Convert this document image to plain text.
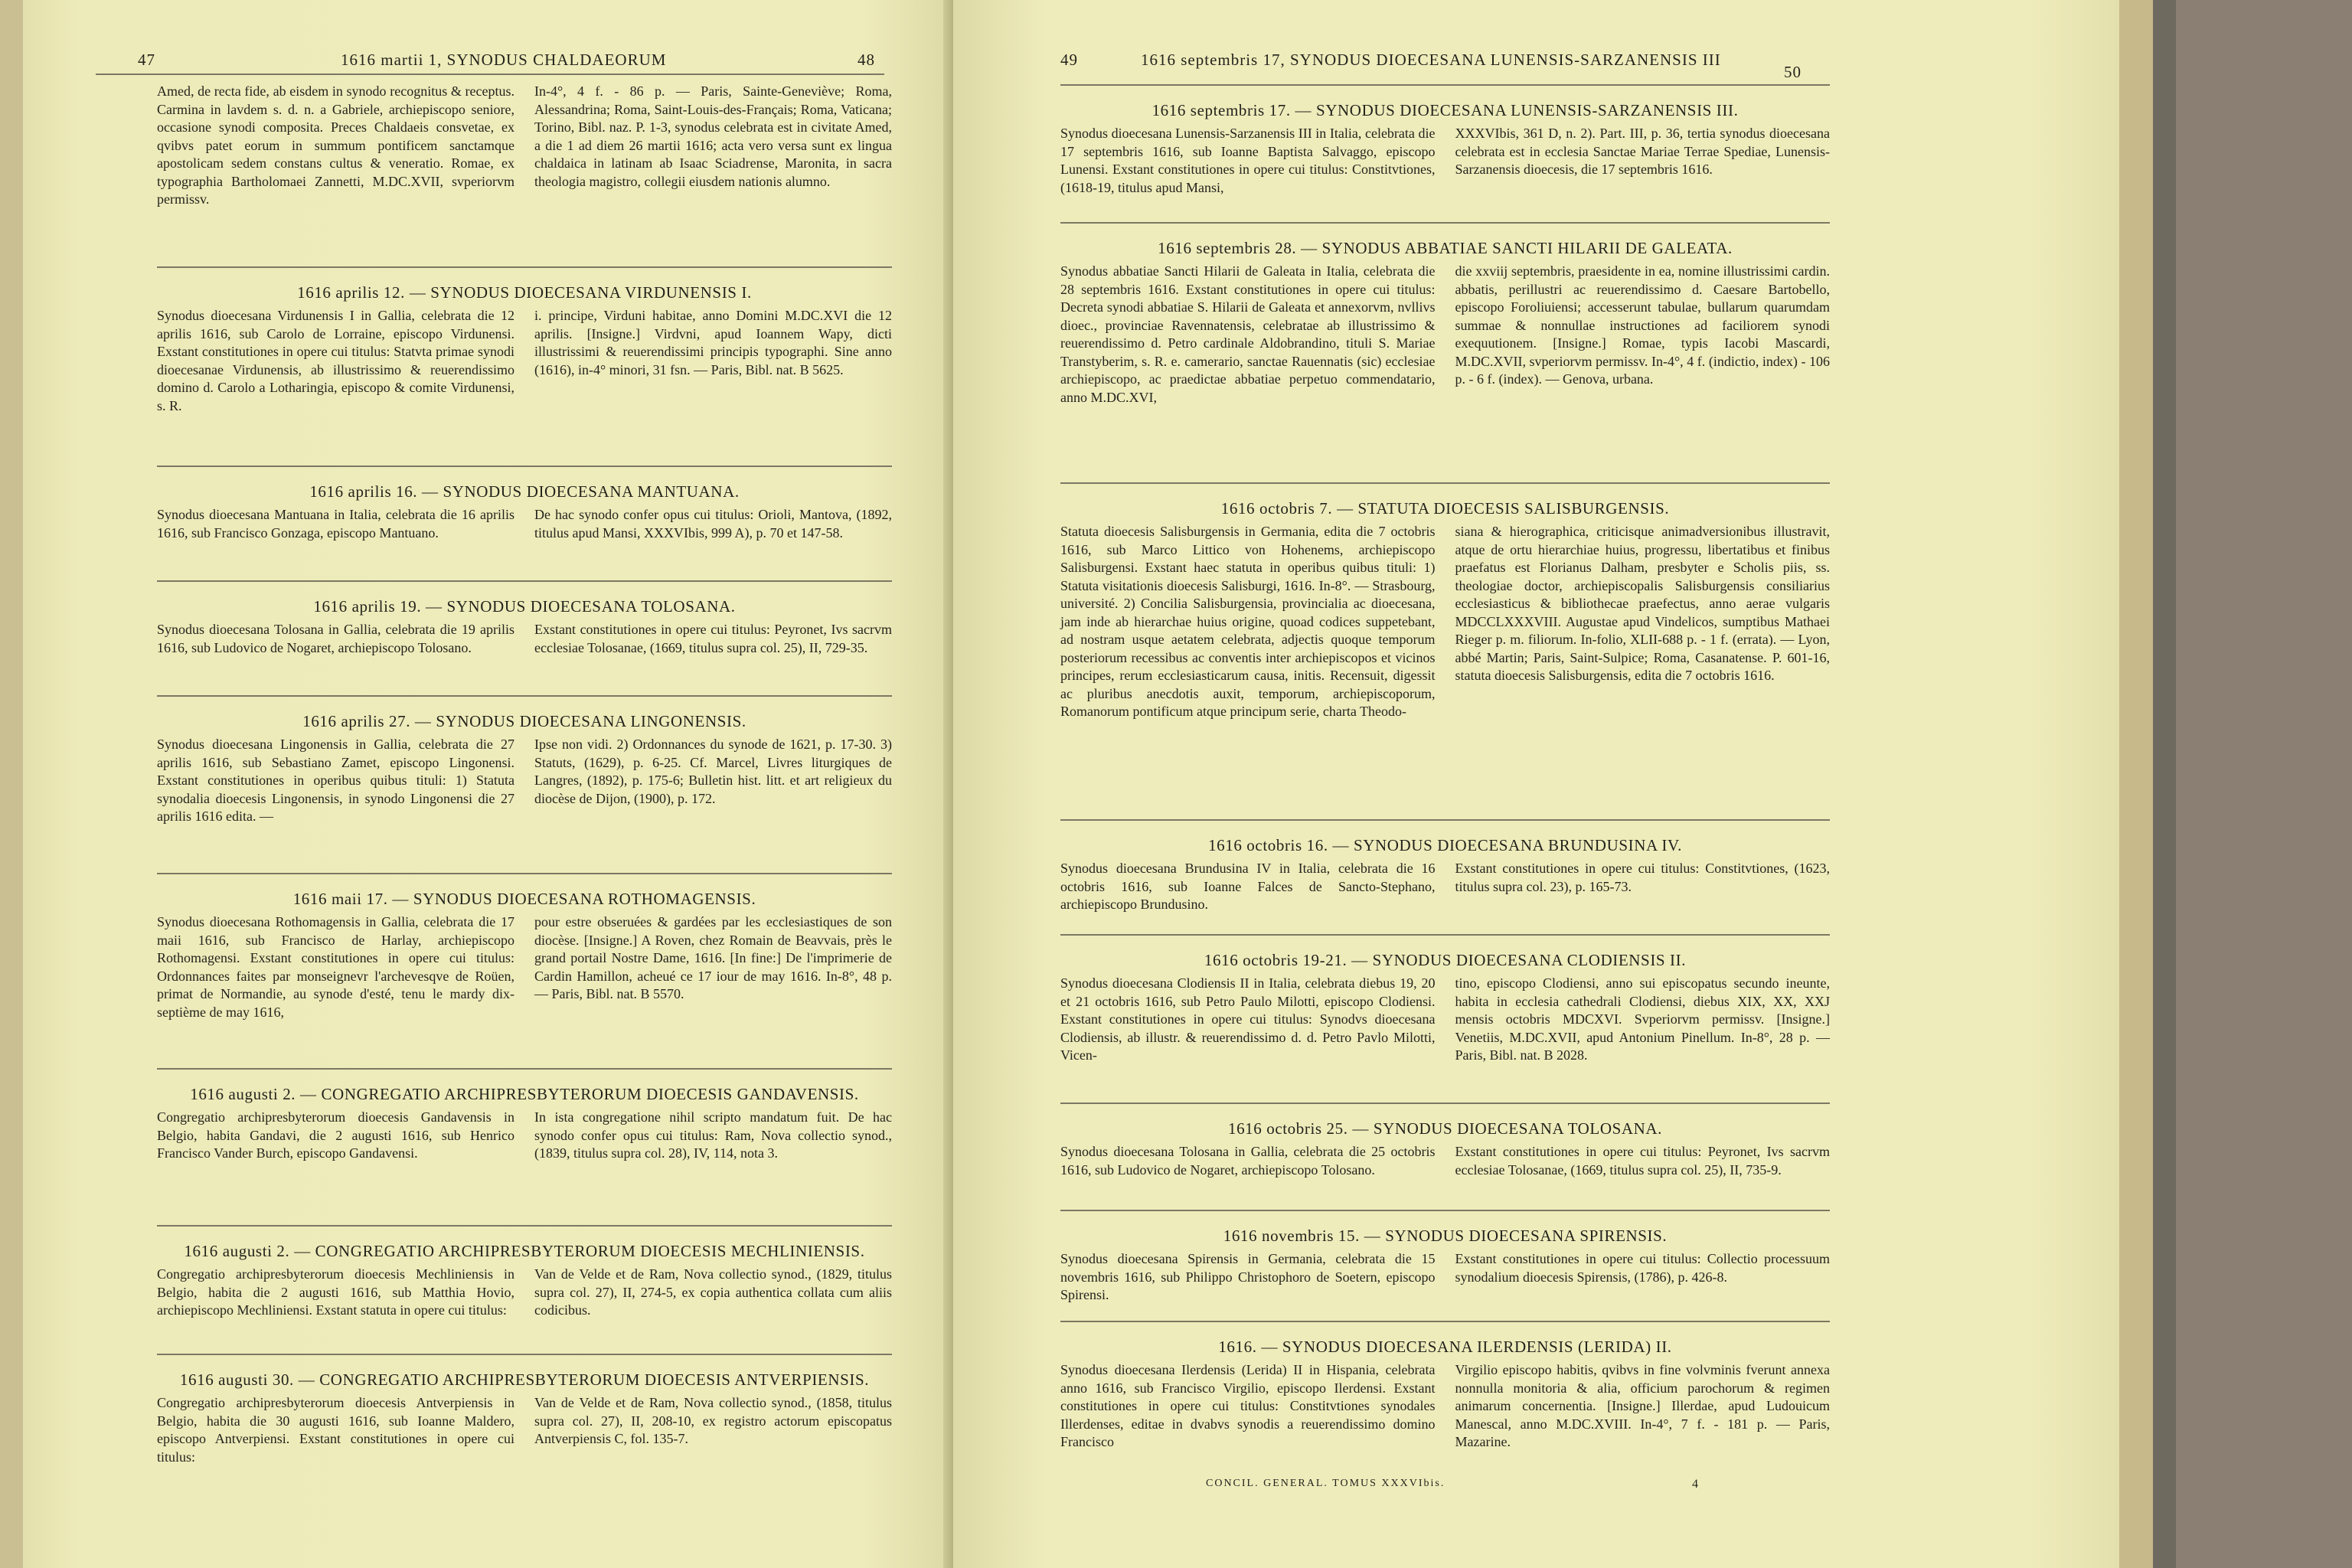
47	1616 martii 1, SYNODUS CHALDAEORUM	48

Amed, de recta fide, ab eisdem in synodo recognitus & receptus. Carmina in lavdem s. d. n. a Gabriele, archiepiscopo seniore, occasione synodi composita. Preces Chaldaeis consvetae, ex qvibvs patet eorum in summum pontificem sanctamque apostolicam sedem constans cultus & veneratio. Romae, ex typographia Bartholomaei Zannetti, M.DC.XVII, svperiorvm permissv.

In-4°, 4 f. - 86 p. — Paris, Sainte-Geneviève; Roma, Alessandrina; Roma, Saint-Louis-des-Français; Roma, Vaticana; Torino, Bibl. naz. P. 1-3, synodus celebrata est in civitate Amed, a die 1 ad diem 26 martii 1616; acta vero versa sunt ex lingua chaldaica in latinam ab Isaac Sciadrense, Maronita, in sacra theologia magistro, collegii eiusdem nationis alumno.

1616 aprilis 12. — SYNODUS DIOECESANA VIRDUNENSIS I.

Synodus dioecesana Virdunensis I in Gallia, celebrata die 12 aprilis 1616, sub Carolo de Lorraine, episcopo Virdunensi. Exstant constitutiones in opere cui titulus: Statvta primae synodi dioecesanae Virdunensis, ab illustrissimo & reuerendissimo domino d. Carolo a Lotharingia, episcopo & comite Virdunensi, s. R.

i. principe, Virduni habitae, anno Domini M.DC.XVI die 12 aprilis. [Insigne.] Virdvni, apud Ioannem Wapy, dicti illustrissimi & reuerendissimi principis typographi. Sine anno (1616), in-4° minori, 31 fsn. — Paris, Bibl. nat. B 5625.

1616 aprilis 16. — SYNODUS DIOECESANA MANTUANA.

Synodus dioecesana Mantuana in Italia, celebrata die 16 aprilis 1616, sub Francisco Gonzaga, episcopo Mantuano.

De hac synodo confer opus cui titulus: Orioli, Mantova, (1892, titulus apud Mansi, XXXVIbis, 999 A), p. 70 et 147-58.

1616 aprilis 19. — SYNODUS DIOECESANA TOLOSANA.

Synodus dioecesana Tolosana in Gallia, celebrata die 19 aprilis 1616, sub Ludovico de Nogaret, archiepiscopo Tolosano.

Exstant constitutiones in opere cui titulus: Peyronet, Ivs sacrvm ecclesiae Tolosanae, (1669, titulus supra col. 25), II, 729-35.

1616 aprilis 27. — SYNODUS DIOECESANA LINGONENSIS.

Synodus dioecesana Lingonensis in Gallia, celebrata die 27 aprilis 1616, sub Sebastiano Zamet, episcopo Lingonensi. Exstant constitutiones in operibus quibus tituli: 1) Statuta synodalia dioecesis Lingonensis, in synodo Lingonensi die 27 aprilis 1616 edita. —

Ipse non vidi. 2) Ordonnances du synode de 1621, p. 17-30. 3) Statuts, (1629), p. 6-25. Cf. Marcel, Livres liturgiques de Langres, (1892), p. 175-6; Bulletin hist. litt. et art religieux du diocèse de Dijon, (1900), p. 172.

1616 maii 17. — SYNODUS DIOECESANA ROTHOMAGENSIS.

Synodus dioecesana Rothomagensis in Gallia, celebrata die 17 maii 1616, sub Francisco de Harlay, archiepiscopo Rothomagensi. Exstant constitutiones in opere cui titulus: Ordonnances faites par monseignevr l'archevesqve de Roüen, primat de Normandie, au synode d'esté, tenu le mardy dix-septième de may 1616,

pour estre obseruées & gardées par les ecclesiastiques de son diocèse. [Insigne.] A Roven, chez Romain de Beavvais, près le grand portail Nostre Dame, 1616. [In fine:] De l'imprimerie de Cardin Hamillon, acheué ce 17 iour de may 1616. In-8°, 48 p. — Paris, Bibl. nat. B 5570.

1616 augusti 2. — CONGREGATIO ARCHIPRESBYTERORUM DIOECESIS GANDAVENSIS.

Congregatio archipresbyterorum dioecesis Gandavensis in Belgio, habita Gandavi, die 2 augusti 1616, sub Henrico Francisco Vander Burch, episcopo Gandavensi.

In ista congregatione nihil scripto mandatum fuit. De hac synodo confer opus cui titulus: Ram, Nova collectio synod., (1839, titulus supra col. 28), IV, 114, nota 3.

1616 augusti 2. — CONGREGATIO ARCHIPRESBYTERORUM DIOECESIS MECHLINIENSIS.

Congregatio archipresbyterorum dioecesis Mechliniensis in Belgio, habita die 2 augusti 1616, sub Matthia Hovio, archiepiscopo Mechliniensi. Exstant statuta in opere cui titulus:

Van de Velde et de Ram, Nova collectio synod., (1829, titulus supra col. 27), II, 274-5, ex copia authentica collata cum aliis codicibus.

1616 augusti 30. — CONGREGATIO ARCHIPRESBYTERORUM DIOECESIS ANTVERPIENSIS.

Congregatio archipresbyterorum dioecesis Antverpiensis in Belgio, habita die 30 augusti 1616, sub Ioanne Maldero, episcopo Antverpiensi. Exstant constitutiones in opere cui titulus:

Van de Velde et de Ram, Nova collectio synod., (1858, titulus supra col. 27), II, 208-10, ex registro actorum episcopatus Antverpiensis C, fol. 135-7.

49	1616 septembris 17, SYNODUS DIOECESANA LUNENSIS-SARZANENSIS III
50
1616 septembris 17. — SYNODUS DIOECESANA LUNENSIS-SARZANENSIS III.

Synodus dioecesana Lunensis-Sarzanensis III in Italia, celebrata die 17 septembris 1616, sub Ioanne Baptista Salvaggo, episcopo Lunensi. Exstant constitutiones in opere cui titulus: Constitvtiones, (1618-19, titulus apud Mansi,

XXXVIbis, 361 D, n. 2). Part. III, p. 36, tertia synodus dioecesana celebrata est in ecclesia Sanctae Mariae Terrae Spediae, Lunensis-Sarzanensis dioecesis, die 17 septembris 1616.

1616 septembris 28. — SYNODUS ABBATIAE SANCTI HILARII DE GALEATA.

Synodus abbatiae Sancti Hilarii de Galeata in Italia, celebrata die 28 septembris 1616. Exstant constitutiones in opere cui titulus: Decreta synodi abbatiae S. Hilarii de Galeata et annexorvm, nvllivs dioec., provinciae Ravennatensis, celebratae ab illustrissimo & reuerendissimo d. Petro cardinale Aldobrandino, tituli S. Mariae Transtyberim, s. R. e. camerario, sanctae Rauennatis (sic) ecclesiae archiepiscopo, ac praedictae abbatiae perpetuo commendatario, anno M.DC.XVI,

die xxviij septembris, praesidente in ea, nomine illustrissimi cardin. abbatis, perillustri ac reuerendissimo d. Caesare Bartobello, episcopo Foroliuiensi; accesserunt tabulae, bullarum quarumdam summae & nonnullae instructiones ad faciliorem synodi exequutionem. [Insigne.] Romae, typis Iacobi Mascardi, M.DC.XVII, svperiorvm permissv. In-4°, 4 f. (indictio, index) - 106 p. - 6 f. (index). — Genova, urbana.

1616 octobris 7. — STATUTA DIOECESIS SALISBURGENSIS.

Statuta dioecesis Salisburgensis in Germania, edita die 7 octobris 1616, sub Marco Littico von Hohenems, archiepiscopo Salisburgensi. Exstant haec statuta in operibus quibus tituli: 1) Statuta visitationis dioecesis Salisburgi, 1616. In-8°. — Strasbourg, université. 2) Concilia Salisburgensia, provincialia ac dioecesana, jam inde ab hierarchae huius origine, quoad codices suppetebant, ad nostram usque aetatem celebrata, adjectis quoque temporum posteriorum recessibus ac conventis inter archiepiscopos et vicinos principes, rerum ecclesiasticarum causa, initis. Recensuit, digessit ac pluribus anecdotis auxit, temporum, archiepiscoporum, Romanorum pontificum atque principum serie, charta Theodo-

siana & hierographica, criticisque animadversionibus illustravit, atque de ortu hierarchiae huius, progressu, libertatibus et finibus praefatus est Florianus Dalham, presbyter e Scholis piis, ss. theologiae doctor, archiepiscopalis Salisburgensis consiliarius ecclesiasticus & bibliothecae praefectus, anno aerae vulgaris MDCCLXXXVIII. Augustae apud Vindelicos, sumptibus Mathaei Rieger p. m. filiorum. In-folio, XLII-688 p. - 1 f. (errata). — Lyon, abbé Martin; Paris, Saint-Sulpice; Roma, Casanatense. P. 601-16, statuta dioecesis Salisburgensis, edita die 7 octobris 1616.

1616 octobris 16. — SYNODUS DIOECESANA BRUNDUSINA IV.

Synodus dioecesana Brundusina IV in Italia, celebrata die 16 octobris 1616, sub Ioanne Falces de Sancto-Stephano, archiepiscopo Brundusino.

Exstant constitutiones in opere cui titulus: Constitvtiones, (1623, titulus supra col. 23), p. 165-73.

1616 octobris 19-21. — SYNODUS DIOECESANA CLODIENSIS II.

Synodus dioecesana Clodiensis II in Italia, celebrata diebus 19, 20 et 21 octobris 1616, sub Petro Paulo Milotti, episcopo Clodiensi. Exstant constitutiones in opere cui titulus: Synodvs dioecesana Clodiensis, ab illustr. & reuerendissimo d. d. Petro Pavlo Milotti, Vicen-

tino, episcopo Clodiensi, anno sui episcopatus secundo ineunte, habita in ecclesia cathedrali Clodiensi, diebus XIX, XX, XXJ mensis octobris MDCXVI. Svperiorvm permissv. [Insigne.] Venetiis, M.DC.XVII, apud Antonium Pinellum. In-8°, 28 p. — Paris, Bibl. nat. B 2028.

1616 octobris 25. — SYNODUS DIOECESANA TOLOSANA.

Synodus dioecesana Tolosana in Gallia, celebrata die 25 octobris 1616, sub Ludovico de Nogaret, archiepiscopo Tolosano.

Exstant constitutiones in opere cui titulus: Peyronet, Ivs sacrvm ecclesiae Tolosanae, (1669, titulus supra col. 25), II, 735-9.

1616 novembris 15. — SYNODUS DIOECESANA SPIRENSIS.

Synodus dioecesana Spirensis in Germania, celebrata die 15 novembris 1616, sub Philippo Christophoro de Soetern, episcopo Spirensi.

Exstant constitutiones in opere cui titulus: Collectio processuum synodalium dioecesis Spirensis, (1786), p. 426-8.

1616. — SYNODUS DIOECESANA ILERDENSIS (LERIDA) II.

Synodus dioecesana Ilerdensis (Lerida) II in Hispania, celebrata anno 1616, sub Francisco Virgilio, episcopo Ilerdensi. Exstant constitutiones in opere cui titulus: Constitvtiones synodales Illerdenses, editae in dvabvs synodis a reuerendissimo domino Francisco

Virgilio episcopo habitis, qvibvs in fine volvminis fverunt annexa nonnulla monitoria & alia, officium parochorum & regimen animarum concernentia. [Insigne.] Illerdae, apud Ludouicum Manescal, anno M.DC.XVIII. In-4°, 7 f. - 181 p. — Paris, Mazarine.

CONCIL. GENERAL. TOMUS XXXVIbis.	4
